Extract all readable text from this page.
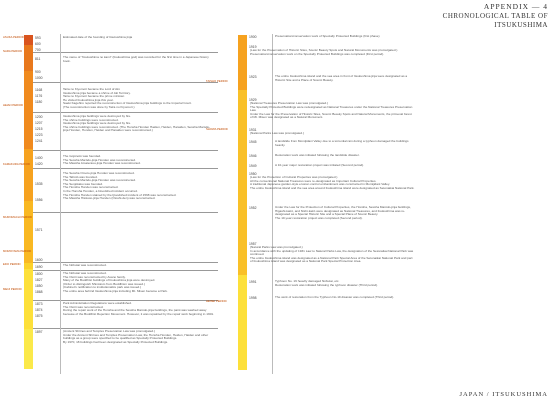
APPENDIX — 4
CHRONOLOGICAL TABLE OF ITSUKUSHIMA
ASUKA PERIOD
NARA PERIOD
HEIAN PERIOD
KAMAKURA PERIOD
MUROMACHI PERIOD
MOMOYAMA PERIOD
EDO PERIOD
MEIJI PERIOD
593
600
700
811
900
1000
1168
1176
1180
1200
1207
1215
1223
1241
1400
1420
1535
1556
1571
1600
1690
1800
1827
1850
1868
1873
1874
1875
1897
Estimated date of the founding of Itsukushima jinja
The name of "Itsukushima no kami" (Itsukushima god) was recorded for the first time in a Japanese history book.
Taira no Kiyomori became the Lord of Aki.
Itsukushima jinja became a shrine of Aki Territory.
Taira no Kiyomori became the prime minister.
He visited Itsukushima jinja this year.
Saeki Kagehiro reported the reconstruction of Itsukushima jinja buildings to the Imperial Court.
(The reconstruction was done by Taira no Kiyomori.)
Itsukushima jinja buildings were destroyed by fire.
The shrine buildings were reconstructed.
Itsukushima jinja buildings were destroyed by fire.
The shrine buildings were reconstructed. (The Honsha Honden Haiden, Heiden, Haraiden, Sessha Marōdo-jinja Honden, Honden, Heiden and Haraiden were reconstructed.)
The Gojūnotō was founded.
The Sessha Marōdo-jinja Honden was reconstructed.
The Massha Amaterasu-jinja Honden was reconstructed.
The Sessha Ōmoto-jinja Honden was reconstructed.
The Tahōtō was founded.
The Sessha Marōdo-jinja Honden was reconstructed.
The Senjōkaku was founded.
The Honsha Honden was reconstructed.
In the Honsha Honden, a bloodshed incident occurred.
The Honsha Honden stained by the bloodshed incident of 1568 was reconstructed.
The Massha Hitokoto-jinja Honden (Ōtoshi-den) was reconstructed.
The Nōbutai was reconstructed.
The Nōbutai was reconstructed.
The Otorii was reconstructed by Asano family.
Many of the Buddhist buildings of Itsukushima jinja were destroyed.
(Order to distinguish Shintoism from Buddhism was issued.)
(Cabinet's notification to institutionalize park was issued.)
The entire area behind Itsukushima jinja including Mt. Misen became a Park.
Park Administration Regulations were established.
The Otorii was reconstructed.
During the repair work of the Honsha and the Sessha Marōdo-jinja buildings, the paint was washed away because of the Buddhist Rejection Movement. However, it was repainted by the repair work beginning in 1901.
(Ancient Shrines and Temples Preservation Law was promulgated.)
Under the Ancient Shrines and Temples Preservation Law, the Honsha Honden, Heiden, Haiden and other buildings as a group were specified to be qualified as Specially Protected Buildings.
By 1970, 18 buildings had been designated as Specially Protected Buildings.
TAISHO PERIOD
SHOWA PERIOD
HEISEI PERIOD
1900
1919
1923
1929
1931
1945
1946
1949
1950
1952
1957
1991
1998
Preservation/conservation work of Specially Protected Buildings (first phase)
(Law for the Preservation of Historic Sites, Scenic Beauty Spots and Natural Monuments was promulgated.)
Preservation/conservation work on the Specially Protected Buildings was completed (First period).
The entire Itsukushima island and the sea area in front of Itsukushima jinja were designated as a Historic Site and a Place of Scenic Beauty.
(National Treasures Preservation Law was promulgated.)
The Specially Protected Buildings were redesignated as National Treasures under the National Treasures Preservation Law.
Under the Law for the Preservation of Historic Sites, Scenic Beauty Spots and Natural Monuments, the primeval forest of Mt. Misen was designated as a Natural Monument.
(National Parks Law was promulgated.)
A landslide from Momijidani Valley due to a torrential rain during a typhoon damaged the buildings heavily.
Restoration work was initiated following the landslide disaster.
A 10-year major restoration project was initiated (Second period).
(Law for the Protection of Cultural Properties was promulgated.)
All the conventional National Treasures were re-designated as Important Cultural Properties.
A traditional Japanese garden-style erosion control embankment was constructed in Momijidani Valley.
The entire Itsukushima island and the sea area around Itsukushima island were designated as Setonaikai National Park.
Under the Law for the Protection of Cultural Properties, the Honsha, Sessha Marōdo-jinja buildings, Higashi-kairō, and Nishi-kairō were designated as National Treasures, and Itsukushima was re-designated as a Special Historic Site and a Special Place of Scenic Beauty.
The 10-year restoration project was completed (Second period).
(Natural Parks Law was promulgated.)
In accordance with the updating of 1931 Law to Natural Parks Law, the designation of the Setonaikai National Park was continued.
The entire Itsukushima island was designated as a National Park Special Area of the Setonaikai National Park and part of Itsukushima island was designated as a National Park Special Protection Area.
Typhoon No. 19 heavily damaged Nōbutai, etc.
Restoration work was initiated following the typhoon disaster (Third period).
The work of restoration from the Typhoon No.19 disaster was completed (Third period).
JAPAN / ITSUKUSHIMA
